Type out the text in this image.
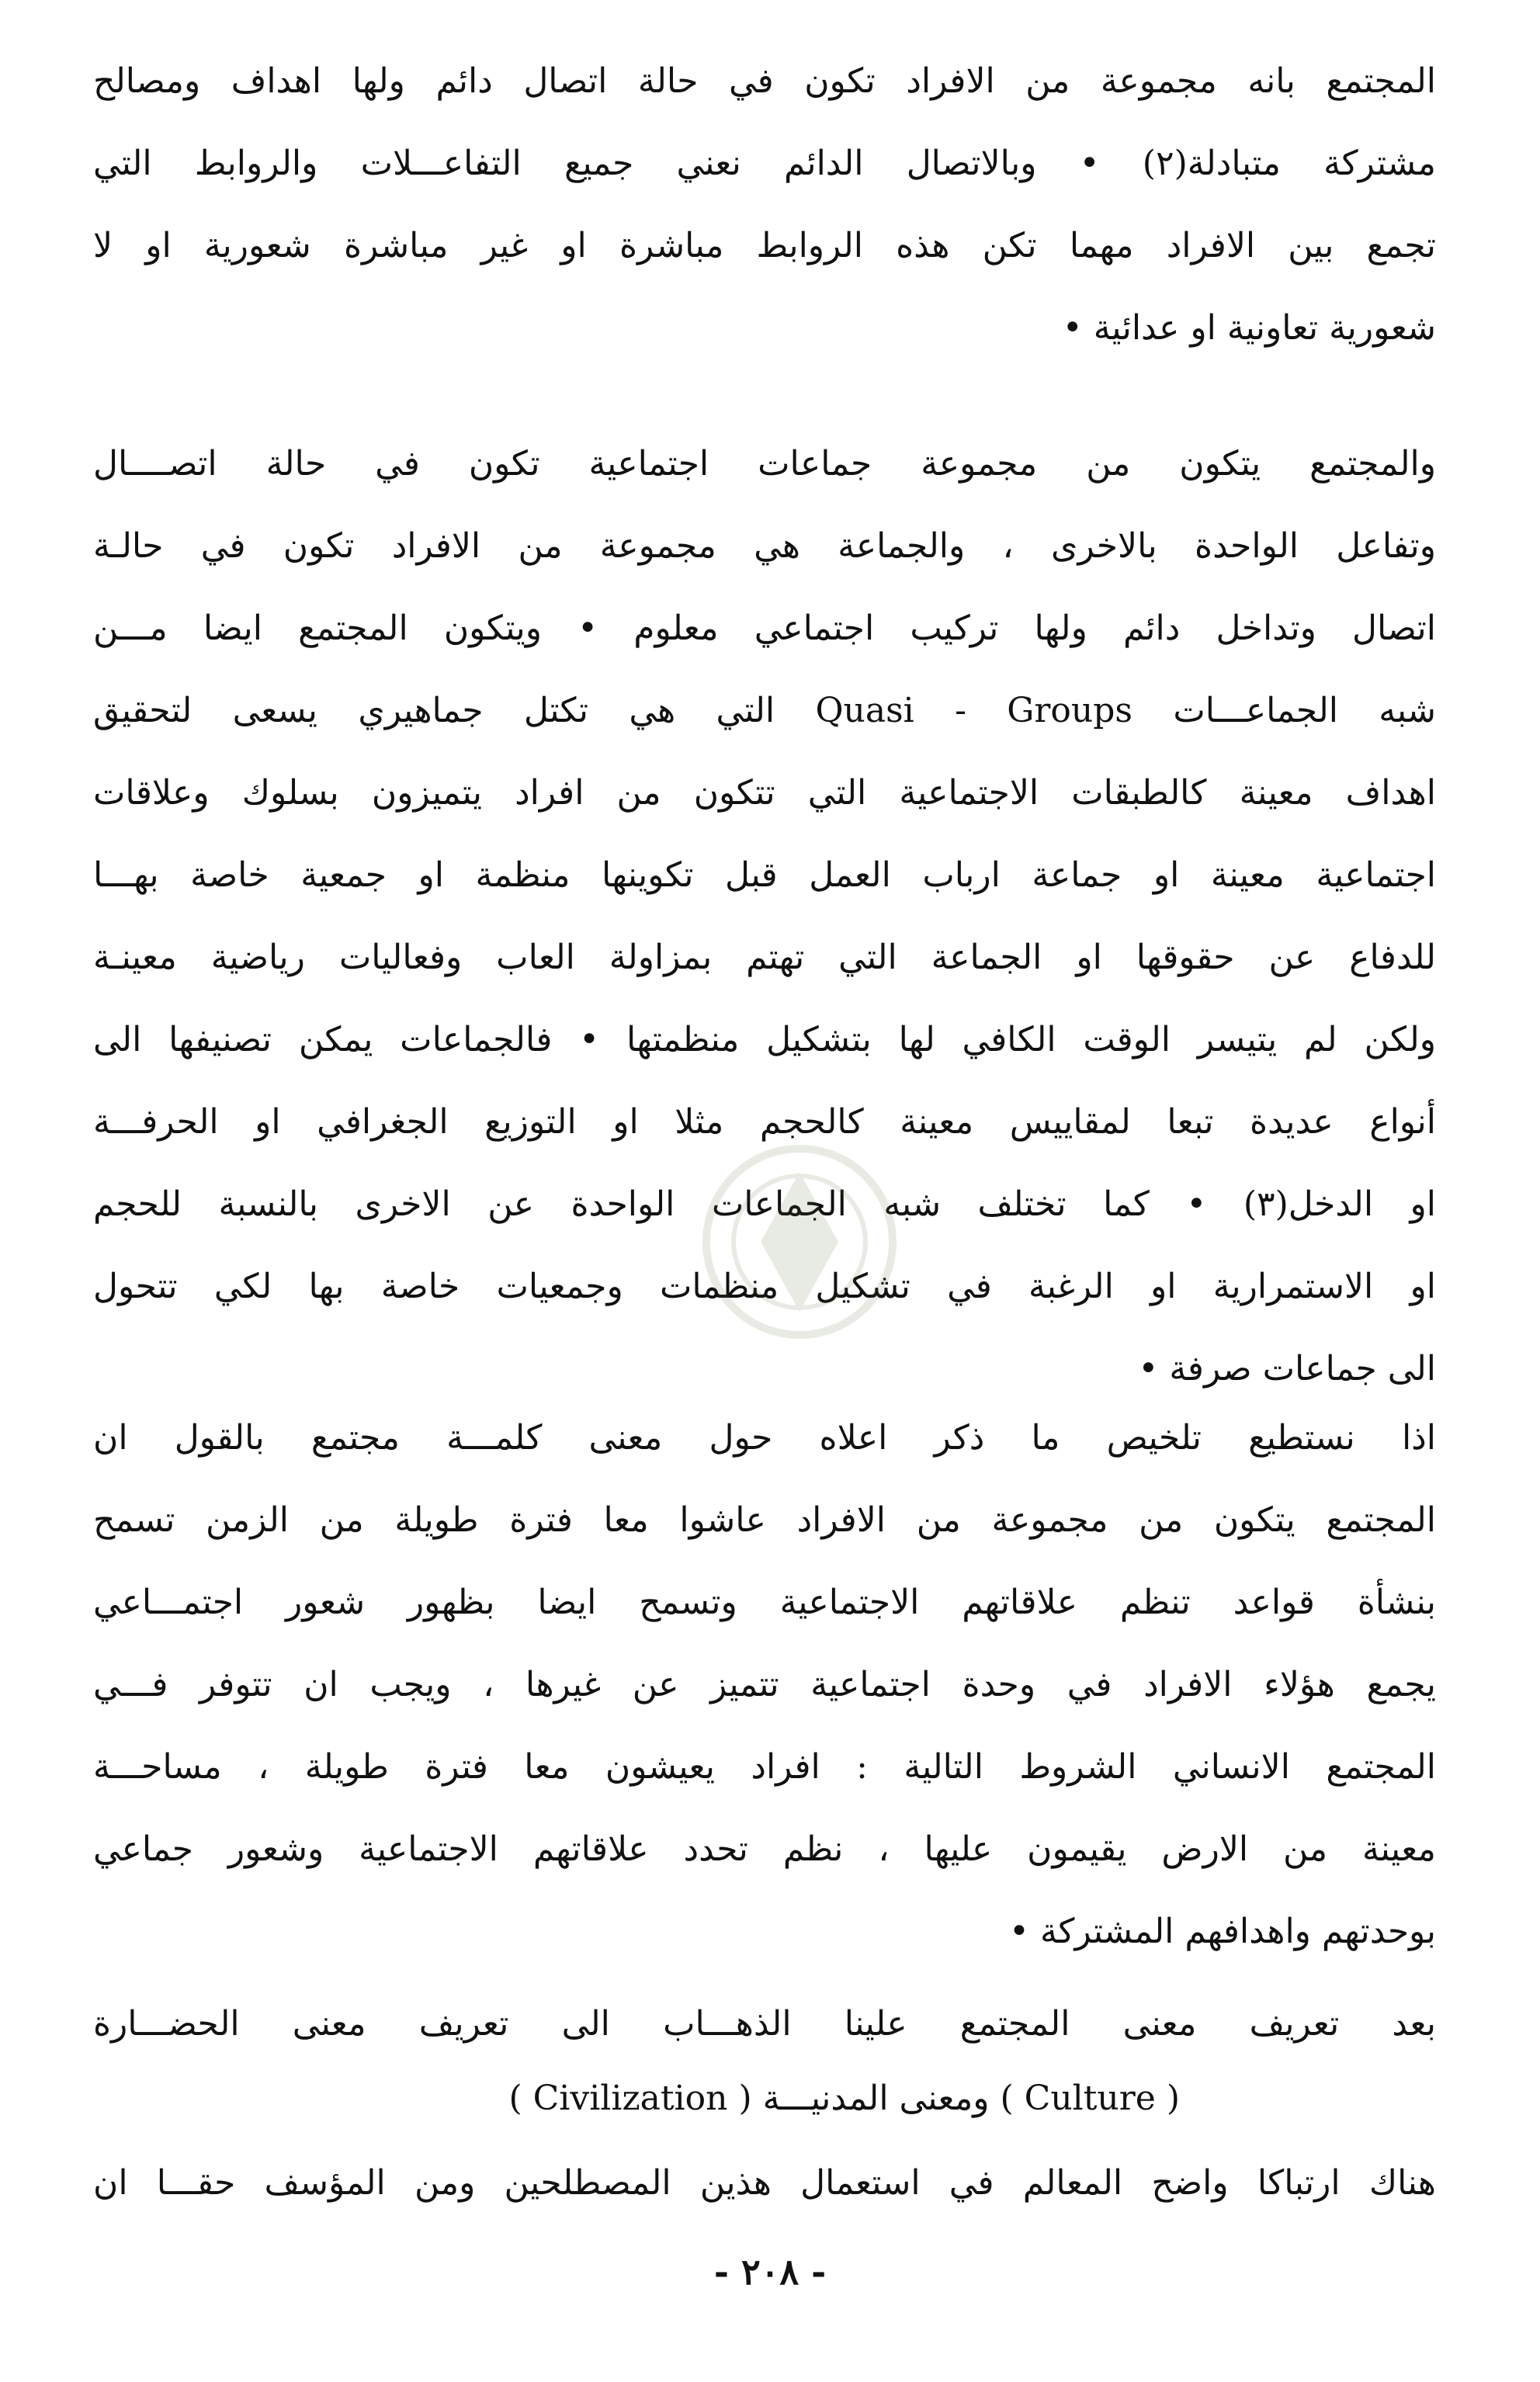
المجتمع بانه مجموعة من الافراد تكون في حالة اتصال دائم ولها اهداف ومصالح
مشتركة متبادلة(٢) • وبالاتصال الدائم نعني جميع التفاعـــلات والروابط التي
تجمع بين الافراد مهما تكن هذه الروابط مباشرة او غير مباشرة شعورية او لا
شعورية تعاونية او عدائية •
والمجتمع يتكون من مجموعة جماعات اجتماعية تكون في حالة اتصــــال
وتفاعل الواحدة بالاخرى ، والجماعة هي مجموعة من الافراد تكون في حالـة
اتصال وتداخل دائم ولها تركيب اجتماعي معلوم • ويتكون المجتمع ايضا مـــن
شبه الجماعـــات Quasi - Groups التي هي تكتل جماهيري يسعى لتحقيق
اهداف معينة كالطبقات الاجتماعية التي تتكون من افراد يتميزون بسلوك وعلاقات
اجتماعية معينة او جماعة ارباب العمل قبل تكوينها منظمة او جمعية خاصة بهـــا
للدفاع عن حقوقها او الجماعة التي تهتم بمزاولة العاب وفعاليات رياضية معينـة
ولكن لم يتيسر الوقت الكافي لها بتشكيل منظمتها • فالجماعات يمكن تصنيفها الى
أنواع عديدة تبعا لمقاييس معينة كالحجم مثلا او التوزيع الجغرافي او الحرفـــة
او الدخل(٣) • كما تختلف شبه الجماعات الواحدة عن الاخرى بالنسبة للحجم
او الاستمرارية او الرغبة في تشكيل منظمات وجمعيات خاصة بها لكي تتحول
الى جماعات صرفة •
اذا نستطيع تلخيص ما ذكر اعلاه حول معنى كلمـــة مجتمع بالقول ان
المجتمع يتكون من مجموعة من الافراد عاشوا معا فترة طويلة من الزمن تسمح
بنشأة قواعد تنظم علاقاتهم الاجتماعية وتسمح ايضا بظهور شعور اجتمـــاعي
يجمع هؤلاء الافراد في وحدة اجتماعية تتميز عن غيرها ، ويجب ان تتوفر فـــي
المجتمع الانساني الشروط التالية : افراد يعيشون معا فترة طويلة ، مساحـــة
معينة من الارض يقيمون عليها ، نظم تحدد علاقاتهم الاجتماعية وشعور جماعي
بوحدتهم واهدافهم المشتركة •
بعد تعريف معنى المجتمع علينا الذهـــاب الى تعريف معنى الحضـــارة
( Culture ) ومعنى المدنيـــة ( Civilization )
هناك ارتباكا واضح المعالم في استعمال هذين المصطلحين ومن المؤسف حقـــا ان
- ٢٠٨ -
